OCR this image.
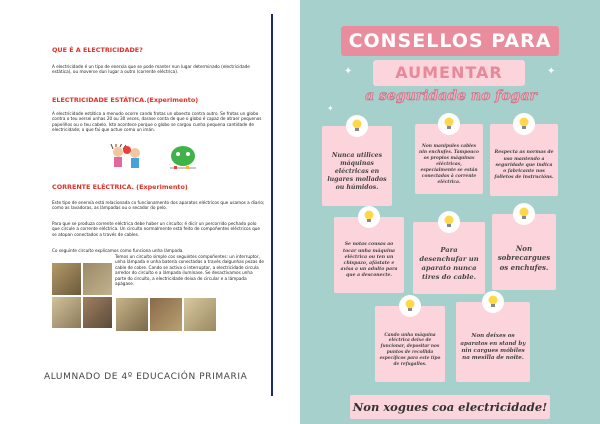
QUE É A ELECTRICIDADE?

A electricidade é un tipo de enerxía que se pode manter nun lugar determinado (electricidade estática), ou moverse dun lugar a outro (corrente eléctrica).

ELECTRICIDADE ESTÁTICA.(Experimento)

A electricidade estática a menudo ocorre cando frotas un obxecto contra outro. Se frotas un globo contra o teu xersei unhas 20 ou 30 veces, darase conta de que o globo é capaz de atraer pequenos papeliños ou o teu cabelo. Isto acontece porque o globo se cargou cunha pequena cantidade de electricidade; o que fai que actue como un imán.

CORRENTE ELÉCTRICA. (Experimento)

Este tipo de enerxía está relacionada co funcionamento dos aparatos eléctricos que usamos a diario; como as lavadoras, as lámpadas ou o secador do pelo.

Para que se produza corrente eléctrica debe haber un circuíto; é dicir un percorrido pechado polo que circule a corrente eléctrica. Un circuíto normalmente está feito de compoñentes eléctricos que se atopan conectados a través de cables.

Co seguinte circuíto explicamos como funciona unha lámpada.

Temos un circuíto simple cos seguintes compoñentes: un interruptor, unha lámpada e unha batería conectadas a través dalgunhas pezas de cable de cobre. Cando se activa o interruptor, a electricidade circula arredor do circuíto e a lámpada ilumínase. Se desactivamos unha parte do circuíto, a electricidade deixa de circular e a lámpada apágase.

ALUMNADO DE 4º EDUCACIÓN PRIMARIA
CONSELLOS PARA
AUMENTAR
a seguridade no fogar
✦	✦
✦
Nunca utilices máquinas eléctricas en lugares mollados ou húmidos.
Non manipules cables nin enchufes. Tampouco os propios máquinas eléctricas, especialmente se están conectadas á corrente eléctrica.
Respecta as normas de uso mantendo a seguridade que indica o fabricante nos folletos de instrucións.
Se notas cousas ao tocar unha máquina eléctrica ou ten un chispazo, afástate e avisa a un adulto para que a desconecte.
Para desenchufar un aparato nunca tires do cable.
Non sobrecargues os enchufes.
Cando unha máquina eléctrica deixe de funcionar, depositar nos puntos de recollida específicos para este tipo de refugallos.
Non deixes os aparatos en stand by nin cargues móbiles na mesilla de noite.
Non xogues coa electricidade!
